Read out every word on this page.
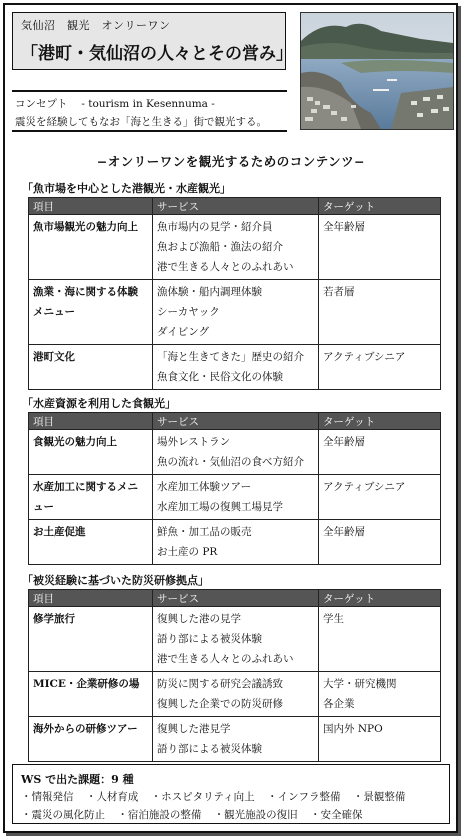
気仙沼　観光　オンリーワン
「港町・気仙沼の人々とその営み」
コンセプト　 - tourism in Kesennuma -
震災を経験してもなお「海と生きる」街で観光する。
−オンリーワンを観光するためのコンテンツ−
「魚市場を中心とした港観光・水産観光」
項目	サービス	ターゲット

魚市場観光の魅力向上	魚市場内の見学・紹介員
魚および漁船・漁法の紹介
港で生きる人々とのふれあい	全年齢層

漁業・海に関する体験
メニュー	漁体験・船内調理体験
シーカヤック
ダイビング	若者層

港町文化	「海と生きてきた」歴史の紹介
魚食文化・民俗文化の体験	アクティブシニア
「水産資源を利用した食観光」
項目	サービス	ターゲット

食観光の魅力向上	場外レストラン
魚の流れ・気仙沼の食べ方紹介	全年齢層

水産加工に関するメニ
ュー	水産加工体験ツアー
水産加工場の復興工場見学	アクティブシニア

お土産促進	鮮魚・加工品の販売
お土産の PR	全年齢層
「被災経験に基づいた防災研修拠点」
項目	サービス	ターゲット

修学旅行	復興した港の見学
語り部による被災体験
港で生きる人々とのふれあい	学生

MICE・企業研修の場	防災に関する研究会議誘致
復興した企業での防災研修	大学・研究機関
各企業

海外からの研修ツアー	復興した港見学
語り部による被災体験	国内外 NPO
WS で出た課題：9 種
・情報発信 ・人材育成 ・ホスピタリティ向上 ・インフラ整備 ・景観整備
・震災の風化防止 ・宿泊施設の整備 ・観光施設の復旧 ・安全確保
